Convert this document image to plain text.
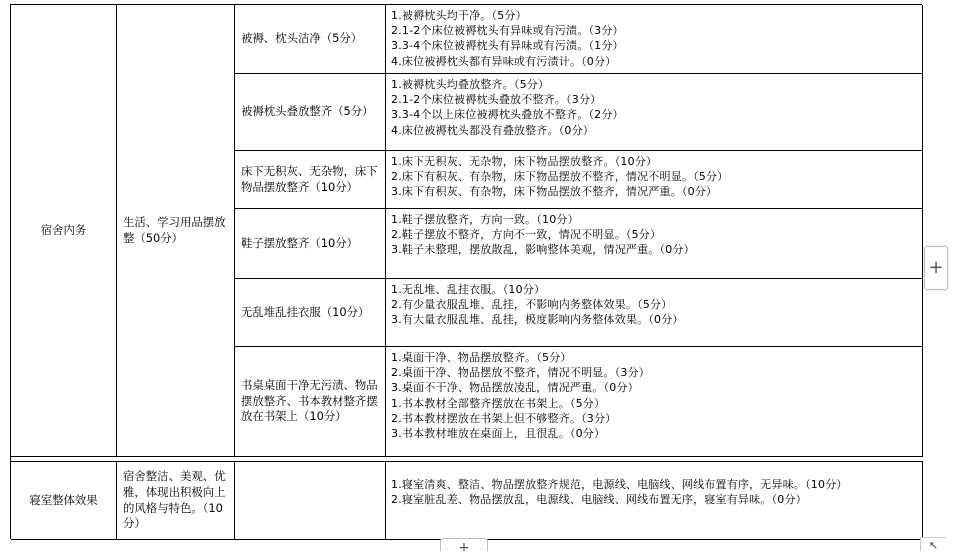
宿舍内务
生活、学习用品摆放整（50分）
被褥、枕头洁净（5分）
1.被褥枕头均干净。（5分）
2.1-2个床位被褥枕头有异味或有污渍。（3分）
3.3-4个床位被褥枕头有异味或有污渍。（1分）
4.床位被褥枕头都有异味或有污渍计。（0分）
被褥枕头叠放整齐（5分）
1.被褥枕头均叠放整齐。（5分）
2.1-2个床位被褥枕头叠放不整齐。（3分）
3.3-4个以上床位被褥枕头叠放不整齐。（2分）
4.床位被褥枕头都没有叠放整齐。（0分）
床下无积灰、无杂物，床下物品摆放整齐（10分）
1.床下无积灰、无杂物，床下物品摆放整齐。（10分）
2.床下有积灰、有杂物，床下物品摆放不整齐，情况不明显。（5分）
3.床下有积灰、有杂物，床下物品摆放不整齐，情况严重。（0分）
鞋子摆放整齐（10分）
1.鞋子摆放整齐，方向一致。（10分）
2.鞋子摆放不整齐，方向不一致，情况不明显。（5分）
3.鞋子未整理，摆放散乱，影响整体美观，情况严重。（0分）
无乱堆乱挂衣服（10分）
1.无乱堆、乱挂衣服。（10分）
2.有少量衣服乱堆、乱挂，不影响内务整体效果。（5分）
3.有大量衣服乱堆、乱挂，极度影响内务整体效果。（0分）
书桌桌面干净无污渍、物品摆放整齐、书本教材整齐摆放在书架上（10分）
1.桌面干净、物品摆放整齐。（5分）
2.桌面干净、物品摆放不整齐，情况不明显。（3分）
3.桌面不干净、物品摆放凌乱，情况严重。（0分）
1.书本教材全部整齐摆放在书架上。（5分）
2.书本教材摆放在书架上但不够整齐。（3分）
3.书本教材堆放在桌面上，且很乱。（0分）
寝室整体效果
宿舍整洁、美观、优雅，体现出积极向上的风格与特色。（10分）
1.寝室清爽、整洁、物品摆放整齐规范，电源线、电脑线、网线布置有序，无异味。（10分）
2.寝室脏乱差、物品摆放乱，电源线、电脑线、网线布置无序，寝室有异味。（0分）
+
+	↖
